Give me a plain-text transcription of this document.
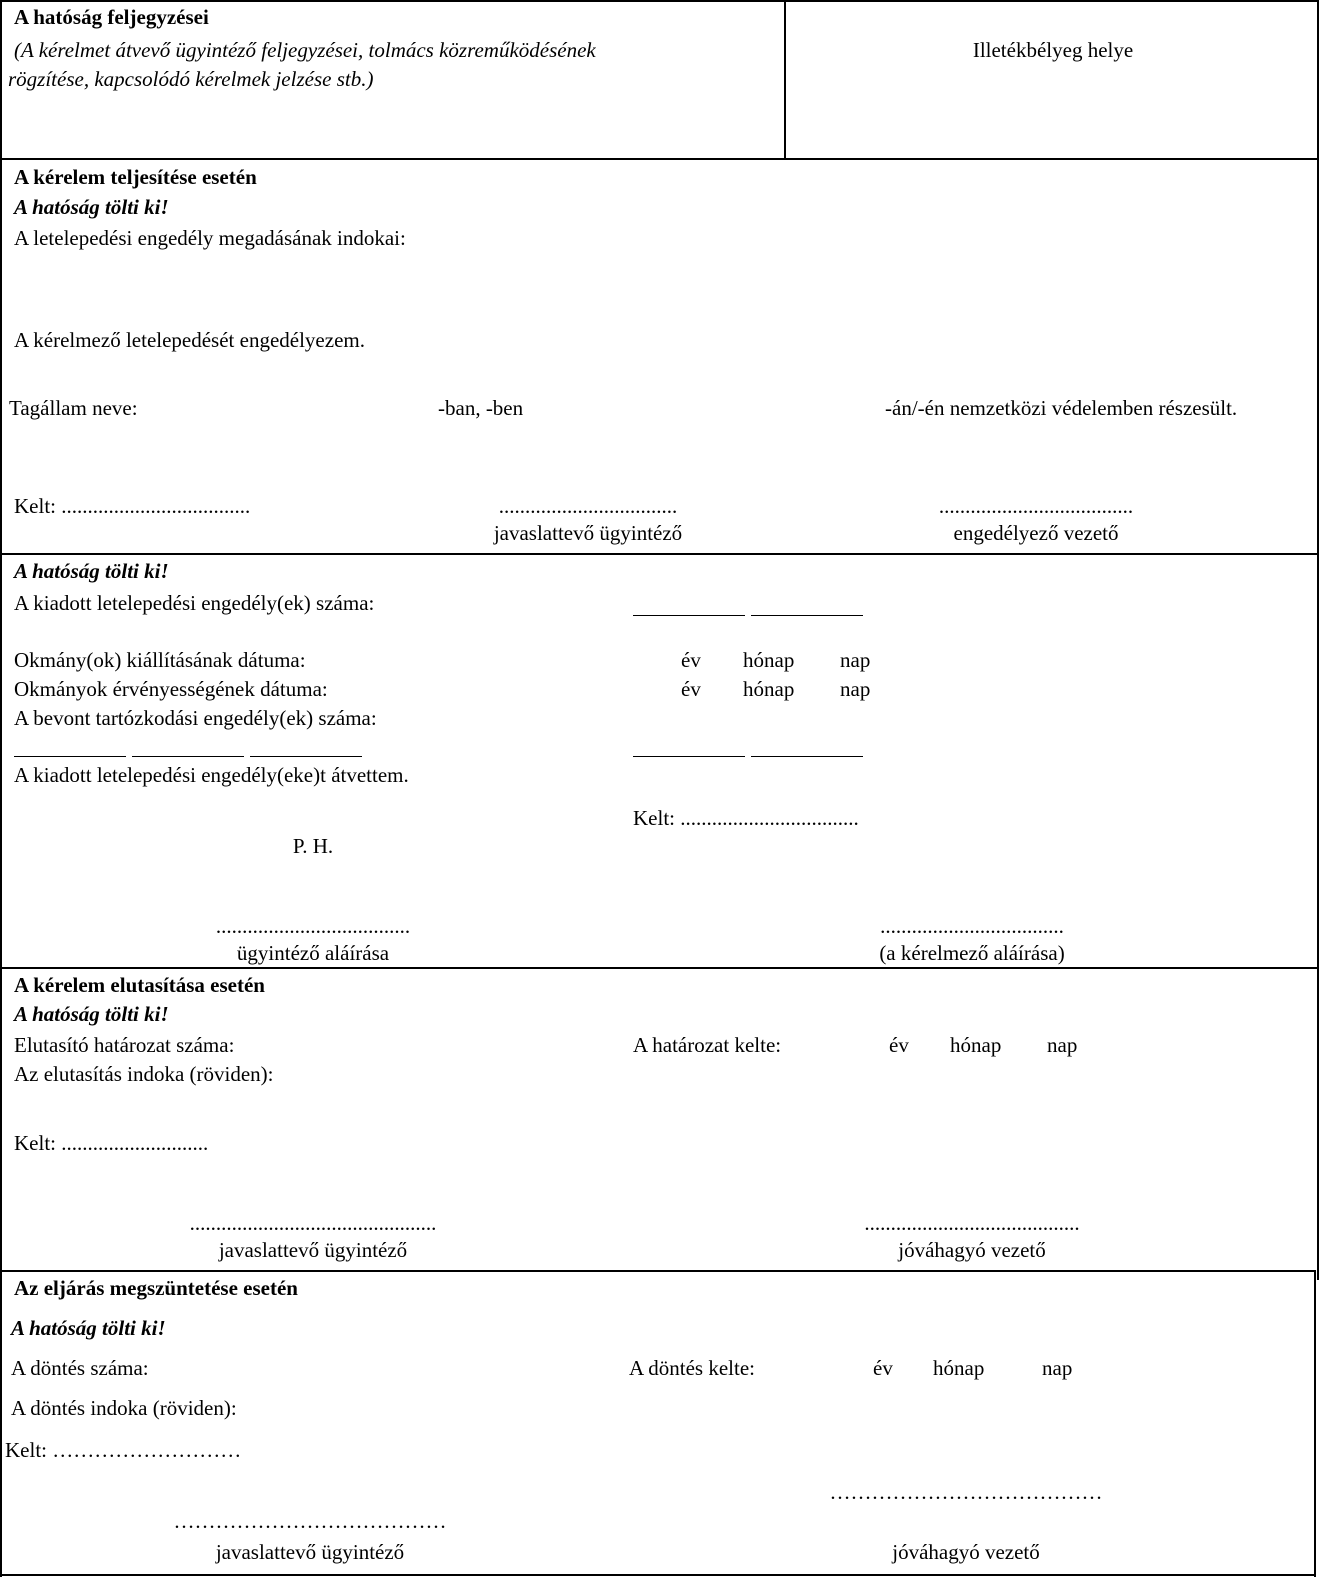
A hatóság feljegyzései
(A kérelmet átvevő ügyintéző feljegyzései, tolmács közreműködésének
rögzítése, kapcsolódó kérelmek jelzése stb.)
Illetékbélyeg helye
A kérelem teljesítése esetén
A hatóság tölti ki!
A letelepedési engedély megadásának indokai:
A kérelmező letelepedését engedélyezem.
Tagállam neve:	-ban, -ben	-án/-én nemzetközi védelemben részesült.
Kelt: ....................................	..................................	.....................................
javaslattevő ügyintéző	engedélyező vezető
A hatóság tölti ki!
A kiadott letelepedési engedély(ek) száma:
Okmány(ok) kiállításának dátuma:	év hónap nap
Okmányok érvényességének dátuma:	év hónap nap
A bevont tartózkodási engedély(ek) száma:
A kiadott letelepedési engedély(eke)t átvettem.
Kelt: ..................................
P. H.
.....................................	...................................
ügyintéző aláírása	(a kérelmező aláírása)
A kérelem elutasítása esetén
A hatóság tölti ki!
Elutasító határozat száma:	A határozat kelte:	év hónap nap
Az elutasítás indoka (röviden):
Kelt: ............................
...............................................	.........................................
javaslattevő ügyintéző	jóváhagyó vezető
Az eljárás megszüntetése esetén
A hatóság tölti ki!
A döntés száma:	A döntés kelte:	év hónap	nap
A döntés indoka (röviden):
Kelt: ………………………
…………………………………
…………………………………
javaslattevő ügyintéző	jóváhagyó vezető
